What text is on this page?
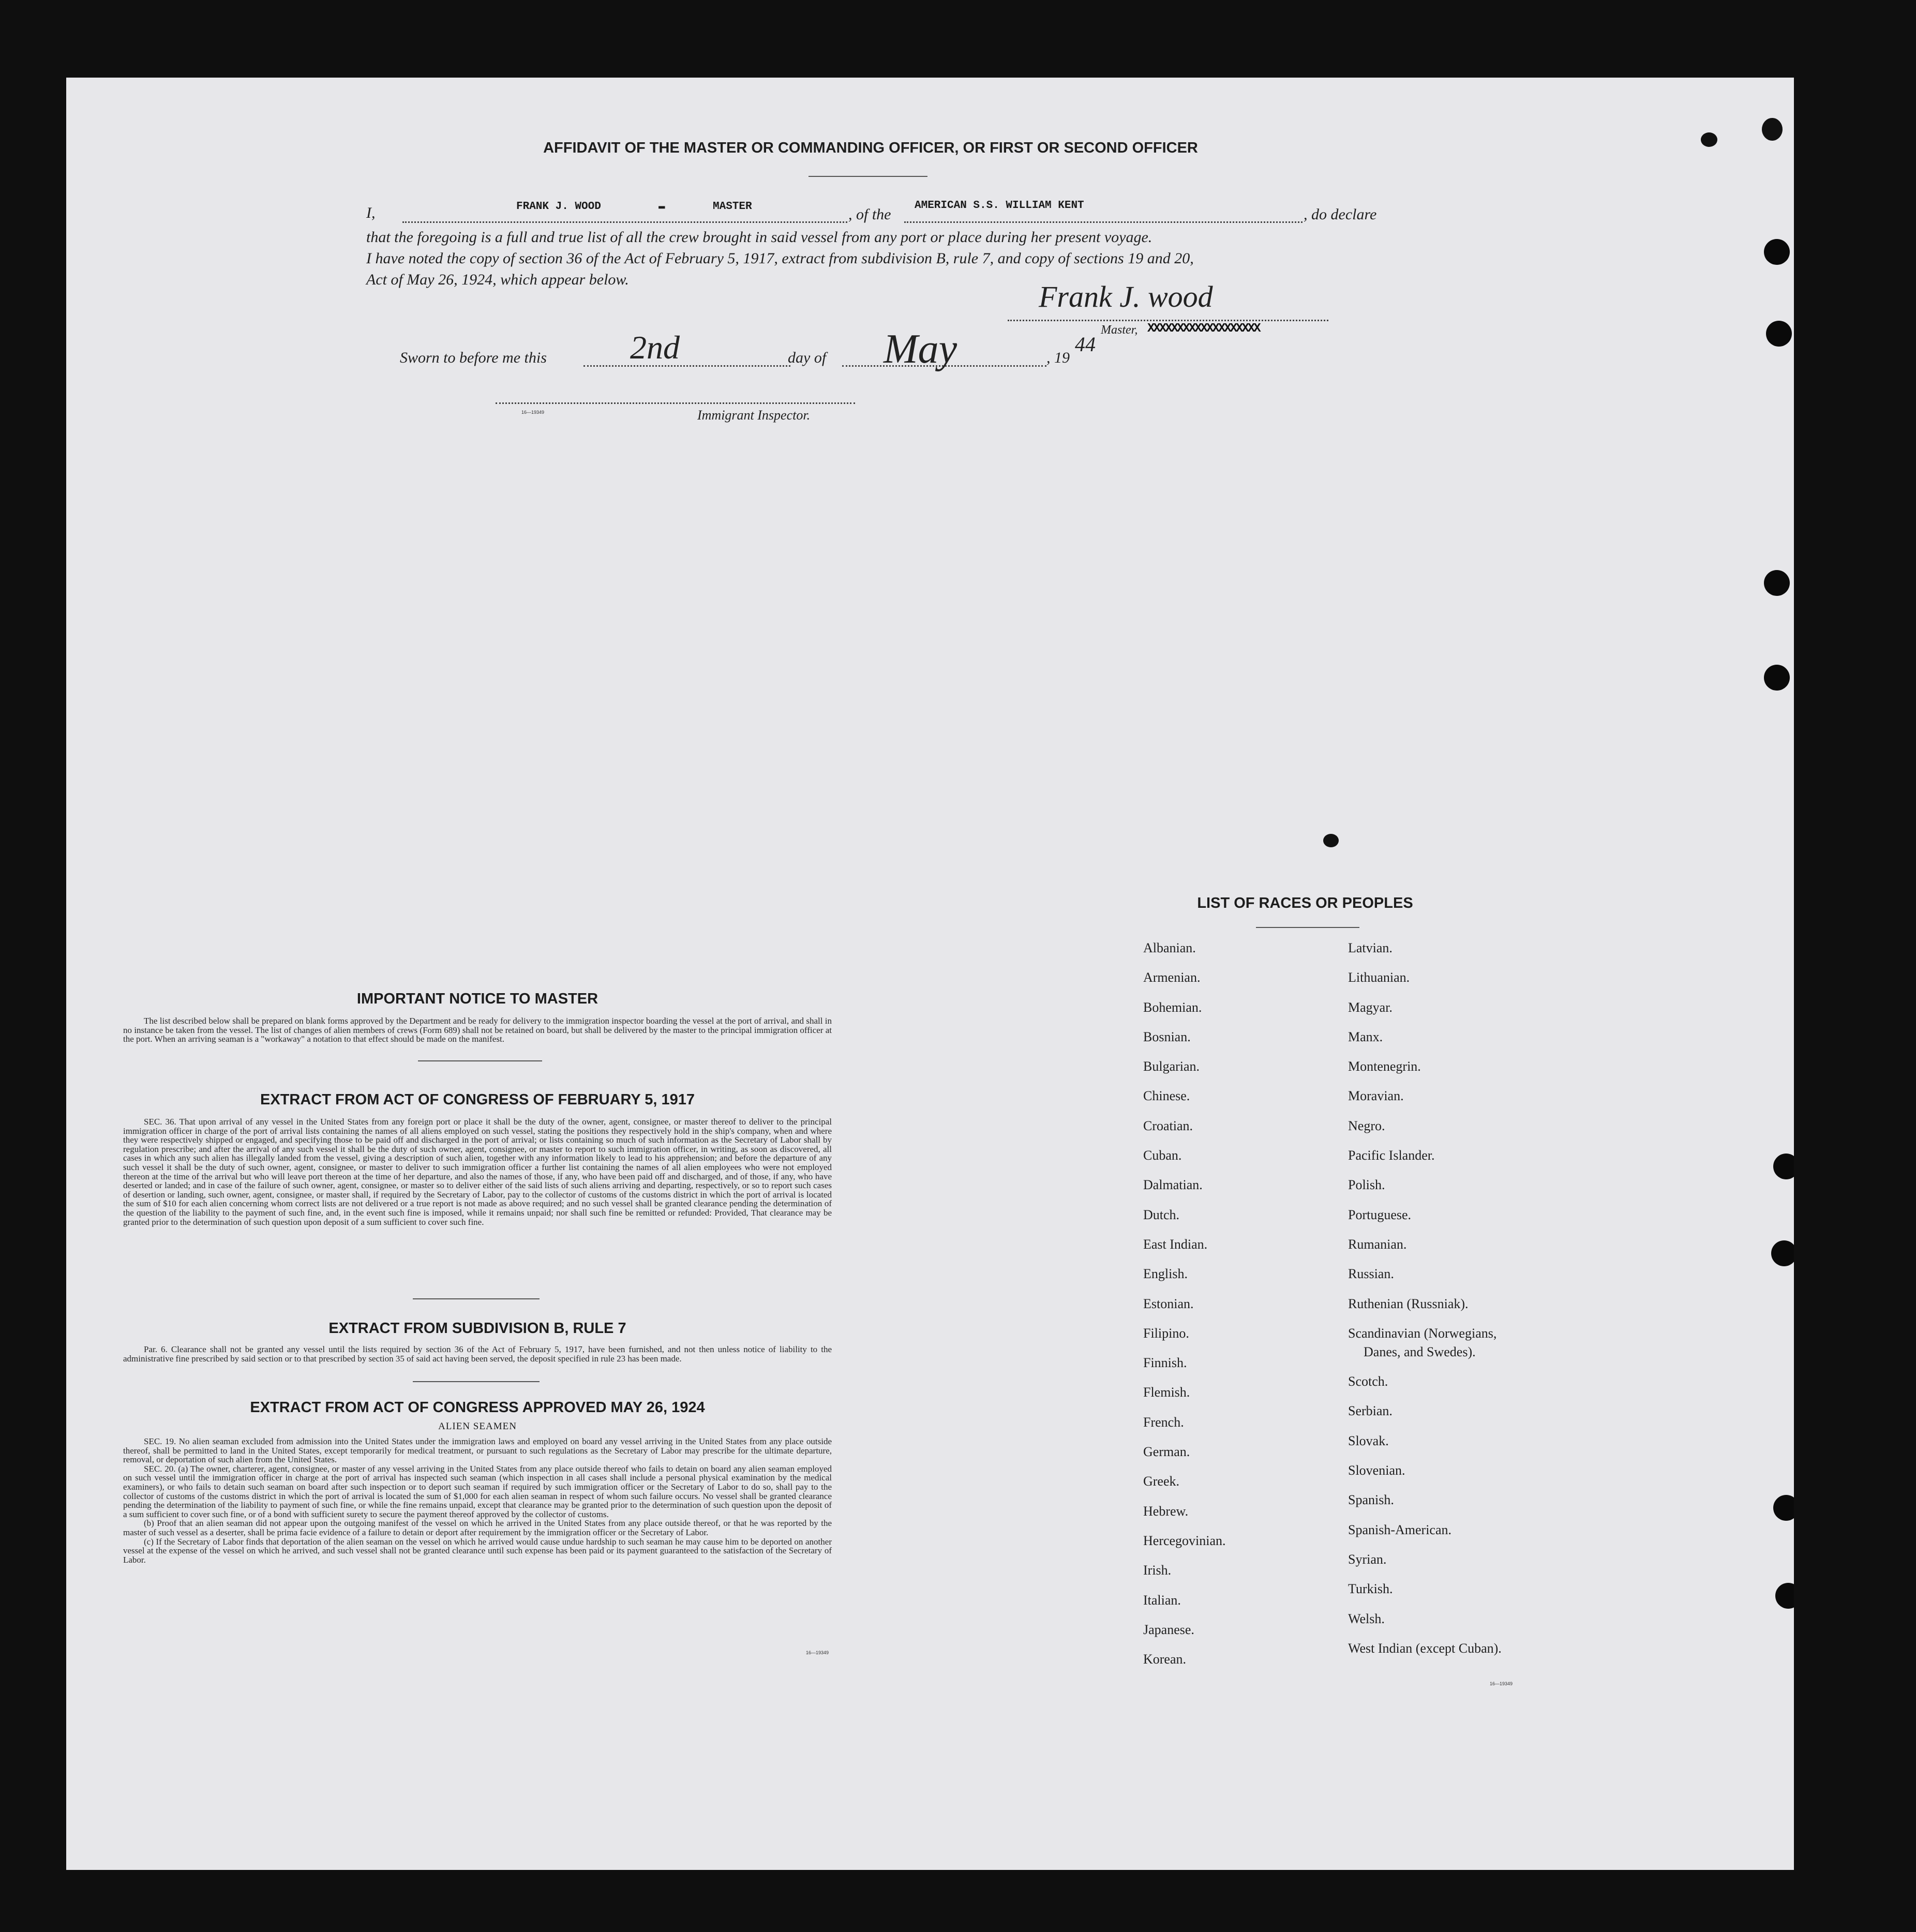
AFFIDAVIT OF THE MASTER OR COMMANDING OFFICER, OR FIRST OR SECOND OFFICER
I,	FRANK J. WOOD	▬	MASTER	, of the
AMERICAN S.S. WILLIAM KENT
, do declare
that the foregoing is a full and true list of all the crew brought in said vessel from any port or place during her present voyage.
I have noted the copy of section 36 of the Act of February 5, 1917, extract from subdivision B, rule 7, and copy of sections 19 and 20,
Act of May 26, 1924, which appear below.
Frank J. wood
Master, XXXXXXXXXXXXXXXXXXX
Sworn to before me this	2nd	day of May	, 19
44
16—19349	Immigrant Inspector.
IMPORTANT NOTICE TO MASTER

The list described below shall be prepared on blank forms approved by the Department and be ready for delivery to the immigration inspector boarding the vessel at the port of arrival, and shall in no instance be taken from the vessel. The list of changes of alien members of crews (Form 689) shall not be retained on board, but shall be delivered by the master to the principal immigration officer at the port. When an arriving seaman is a "workaway" a notation to that effect should be made on the manifest.

EXTRACT FROM ACT OF CONGRESS OF FEBRUARY 5, 1917

SEC. 36. That upon arrival of any vessel in the United States from any foreign port or place it shall be the duty of the owner, agent, consignee, or master thereof to deliver to the principal immigration officer in charge of the port of arrival lists containing the names of all aliens employed on such vessel, stating the positions they respectively hold in the ship's company, when and where they were respectively shipped or engaged, and specifying those to be paid off and discharged in the port of arrival; or lists containing so much of such information as the Secretary of Labor shall by regulation prescribe; and after the arrival of any such vessel it shall be the duty of such owner, agent, consignee, or master to report to such immigration officer, in writing, as soon as discovered, all cases in which any such alien has illegally landed from the vessel, giving a description of such alien, together with any information likely to lead to his apprehension; and before the departure of any such vessel it shall be the duty of such owner, agent, consignee, or master to deliver to such immigration officer a further list containing the names of all alien employees who were not employed thereon at the time of the arrival but who will leave port thereon at the time of her departure, and also the names of those, if any, who have been paid off and discharged, and of those, if any, who have deserted or landed; and in case of the failure of such owner, agent, consignee, or master so to deliver either of the said lists of such aliens arriving and departing, respectively, or so to report such cases of desertion or landing, such owner, agent, consignee, or master shall, if required by the Secretary of Labor, pay to the collector of customs of the customs district in which the port of arrival is located the sum of $10 for each alien concerning whom correct lists are not delivered or a true report is not made as above required; and no such vessel shall be granted clearance pending the determination of the question of the liability to the payment of such fine, and, in the event such fine is imposed, while it remains unpaid; nor shall such fine be remitted or refunded: Provided, That clearance may be granted prior to the determination of such question upon deposit of a sum sufficient to cover such fine.

EXTRACT FROM SUBDIVISION B, RULE 7

Par. 6. Clearance shall not be granted any vessel until the lists required by section 36 of the Act of February 5, 1917, have been furnished, and not then unless notice of liability to the administrative fine prescribed by said section or to that prescribed by section 35 of said act having been served, the deposit specified in rule 23 has been made.

EXTRACT FROM ACT OF CONGRESS APPROVED MAY 26, 1924
ALIEN SEAMEN

SEC. 19. No alien seaman excluded from admission into the United States under the immigration laws and employed on board any vessel arriving in the United States from any place outside thereof, shall be permitted to land in the United States, except temporarily for medical treatment, or pursuant to such regulations as the Secretary of Labor may prescribe for the ultimate departure, removal, or deportation of such alien from the United States.

SEC. 20. (a) The owner, charterer, agent, consignee, or master of any vessel arriving in the United States from any place outside thereof who fails to detain on board any alien seaman employed on such vessel until the immigration officer in charge at the port of arrival has inspected such seaman (which inspection in all cases shall include a personal physical examination by the medical examiners), or who fails to detain such seaman on board after such inspection or to deport such seaman if required by such immigration officer or the Secretary of Labor to do so, shall pay to the collector of customs of the customs district in which the port of arrival is located the sum of $1,000 for each alien seaman in respect of whom such failure occurs. No vessel shall be granted clearance pending the determination of the liability to payment of such fine, or while the fine remains unpaid, except that clearance may be granted prior to the determination of such question upon the deposit of a sum sufficient to cover such fine, or of a bond with sufficient surety to secure the payment thereof approved by the collector of customs.

(b) Proof that an alien seaman did not appear upon the outgoing manifest of the vessel on which he arrived in the United States from any place outside thereof, or that he was reported by the master of such vessel as a deserter, shall be prima facie evidence of a failure to detain or deport after requirement by the immigration officer or the Secretary of Labor.

(c) If the Secretary of Labor finds that deportation of the alien seaman on the vessel on which he arrived would cause undue hardship to such seaman he may cause him to be deported on another vessel at the expense of the vessel on which he arrived, and such vessel shall not be granted clearance until such expense has been paid or its payment guaranteed to the satisfaction of the Secretary of Labor.

16—19349
LIST OF RACES OR PEOPLES
Albanian.
Armenian.
Bohemian.
Bosnian.
Bulgarian.
Chinese.
Croatian.
Cuban.
Dalmatian.
Dutch.
East Indian.
English.
Estonian.
Filipino.
Finnish.
Flemish.
French.
German.
Greek.
Hebrew.
Hercegovinian.
Irish.
Italian.
Japanese.
Korean.
Latvian.
Lithuanian.
Magyar.
Manx.
Montenegrin.
Moravian.
Negro.
Pacific Islander.
Polish.
Portuguese.
Rumanian.
Russian.
Ruthenian (Russniak).
Scandinavian (Norwegians,
Danes, and Swedes).
Scotch.
Serbian.
Slovak.
Slovenian.
Spanish.
Spanish-American.
Syrian.
Turkish.
Welsh.
West Indian (except Cuban).
16—19349
